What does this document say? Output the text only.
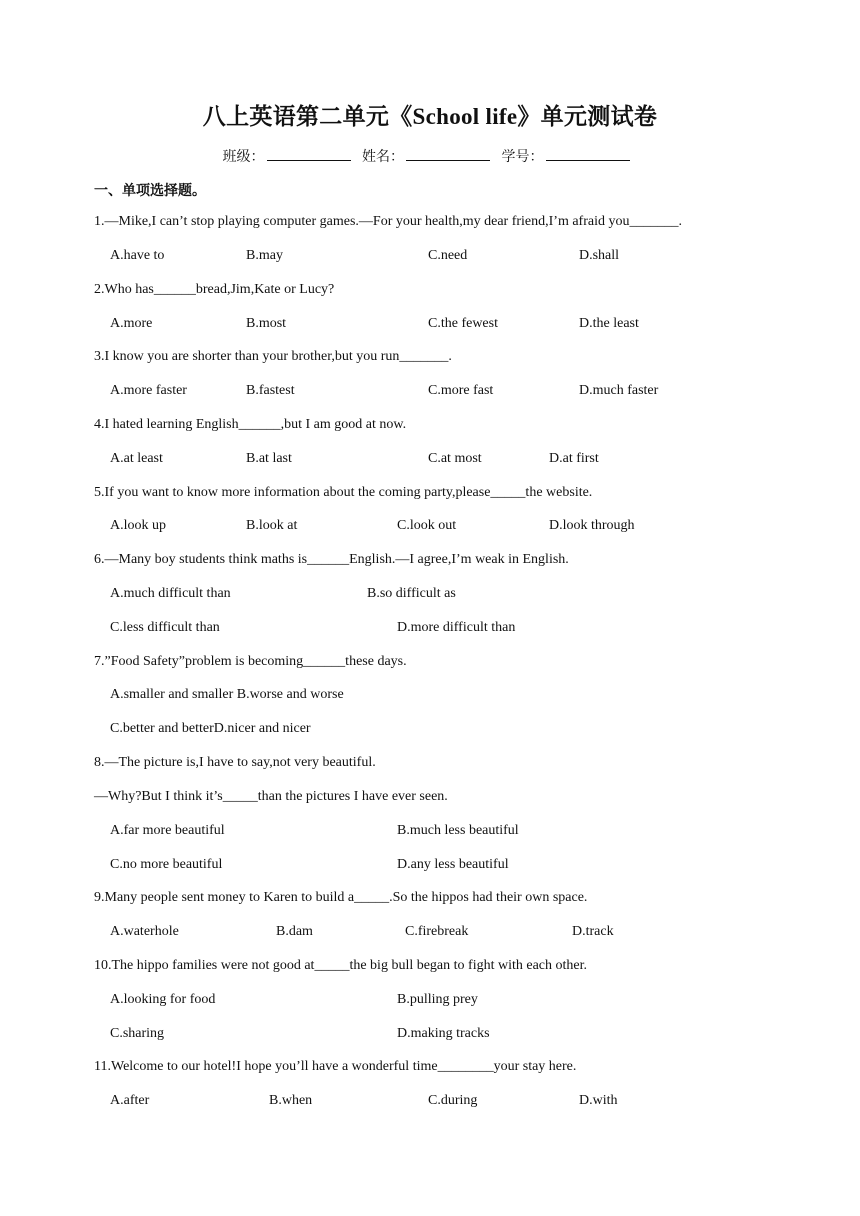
八上英语第二单元《School life》单元测试卷
班级：	姓名：	学号：
一、单项选择题。
1.—Mike,I can’t stop playing computer games.—For your health,my dear friend,I’m afraid you_______.
A.have to	B.may	C.need	D.shall
2.Who has______bread,Jim,Kate or Lucy?
A.more	B.most	C.the fewest	D.the least
3.I know you are shorter than your brother,but you run_______.
A.more faster	B.fastest	C.more fast	D.much faster
4.I hated learning English______,but I am good at now.
A.at least	B.at last	C.at most	D.at first
5.If you want to know more information about the coming party,please_____the website.
A.look up	B.look at	C.look out	D.look through
6.—Many boy students think maths is______English.—I agree,I’m weak in English.
A.much difficult than	B.so difficult as
C.less difficult than	D.more difficult than
7.”Food Safety”problem is becoming______these days.
A.smaller and smaller B.worse and worse
C.better and betterD.nicer and nicer
8.—The picture is,I have to say,not very beautiful.
—Why?But I think it’s_____than the pictures I have ever seen.
A.far more beautiful	B.much less beautiful
C.no more beautiful	D.any less beautiful
9.Many people sent money to Karen to build a_____.So the hippos had their own space.
A.waterhole	B.dam	C.firebreak	D.track
10.The hippo families were not good at_____the big bull began to fight with each other.
A.looking for food	B.pulling prey
C.sharing	D.making tracks
11.Welcome to our hotel!I hope you’ll have a wonderful time________your stay here.
A.after	B.when	C.during	D.with
